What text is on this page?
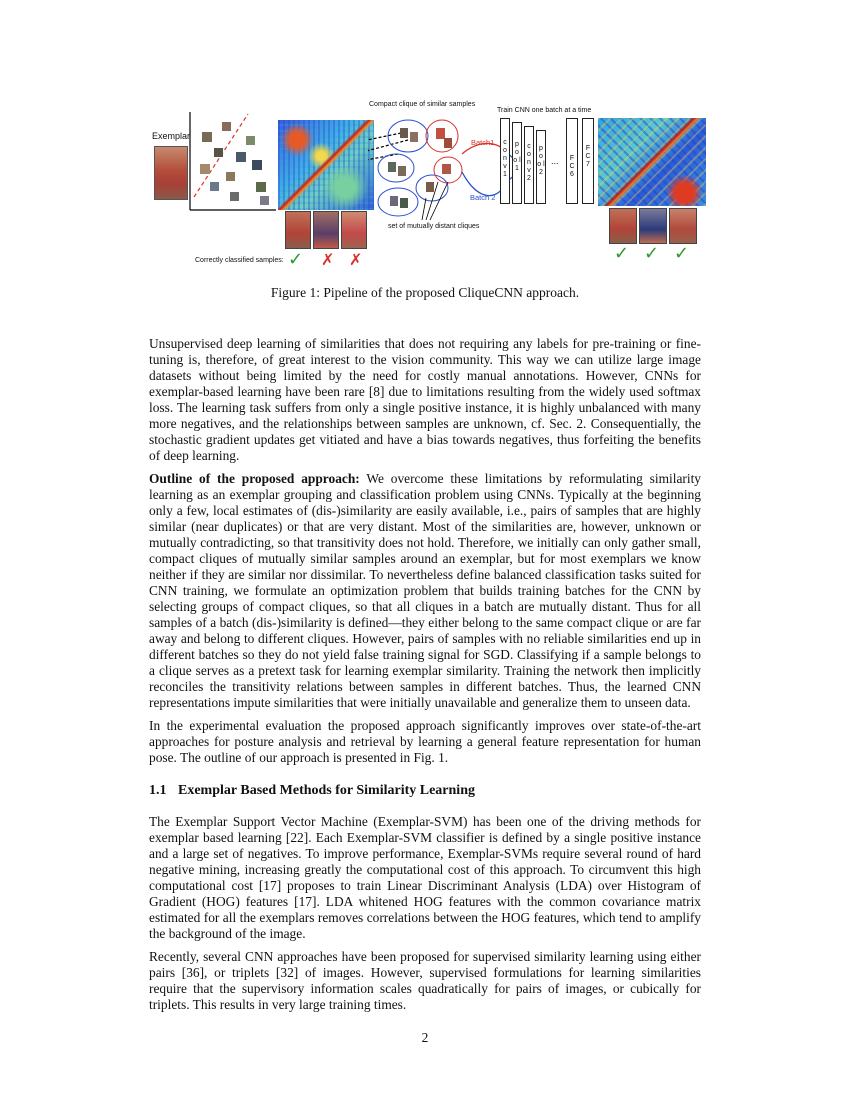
Exemplar
Correctly classified samples: ✓ ✗ ✗
Compact clique of similar samples
Batch1
Batch 2
set of mutually distant cliques
Train CNN one batch at a time
c o n v 1
p o o l 1
c o n v 2
p o o l 2
...	F C 6
F C 7
✓ ✓ ✓
Figure 1: Pipeline of the proposed CliqueCNN approach.

Unsupervised deep learning of similarities that does not requiring any labels for pre-training or fine-tuning is, therefore, of great interest to the vision community. This way we can utilize large image datasets without being limited by the need for costly manual annotations. However, CNNs for exemplar-based learning have been rare [8] due to limitations resulting from the widely used softmax loss. The learning task suffers from only a single positive instance, it is highly unbalanced with many more negatives, and the relationships between samples are unknown, cf. Sec. 2. Consequentially, the stochastic gradient updates get vitiated and have a bias towards negatives, thus forfeiting the benefits of deep learning.

Outline of the proposed approach: We overcome these limitations by reformulating similarity learning as an exemplar grouping and classification problem using CNNs. Typically at the beginning only a few, local estimates of (dis-)similarity are easily available, i.e., pairs of samples that are highly similar (near duplicates) or that are very distant. Most of the similarities are, however, unknown or mutually contradicting, so that transitivity does not hold. Therefore, we initially can only gather small, compact cliques of mutually similar samples around an exemplar, but for most exemplars we know neither if they are similar nor dissimilar. To nevertheless define balanced classification tasks suited for CNN training, we formulate an optimization problem that builds training batches for the CNN by selecting groups of compact cliques, so that all cliques in a batch are mutually distant. Thus for all samples of a batch (dis-)similarity is defined—they either belong to the same compact clique or are far away and belong to different cliques. However, pairs of samples with no reliable similarities end up in different batches so they do not yield false training signal for SGD. Classifying if a sample belongs to a clique serves as a pretext task for learning exemplar similarity. Training the network then implicitly reconciles the transitivity relations between samples in different batches. Thus, the learned CNN representations impute similarities that were initially unavailable and generalize them to unseen data.

In the experimental evaluation the proposed approach significantly improves over state-of-the-art approaches for posture analysis and retrieval by learning a general feature representation for human pose. The outline of our approach is presented in Fig. 1.

1.1 Exemplar Based Methods for Similarity Learning

The Exemplar Support Vector Machine (Exemplar-SVM) has been one of the driving methods for exemplar based learning [22]. Each Exemplar-SVM classifier is defined by a single positive instance and a large set of negatives. To improve performance, Exemplar-SVMs require several round of hard negative mining, increasing greatly the computational cost of this approach. To circumvent this high computational cost [17] proposes to train Linear Discriminant Analysis (LDA) over Histogram of Gradient (HOG) features [17]. LDA whitened HOG features with the common covariance matrix estimated for all the exemplars removes correlations between the HOG features, which tend to amplify the background of the image.

Recently, several CNN approaches have been proposed for supervised similarity learning using either pairs [36], or triplets [32] of images. However, supervised formulations for learning similarities require that the supervisory information scales quadratically for pairs of images, or cubically for triplets. This results in very large training times.

2
